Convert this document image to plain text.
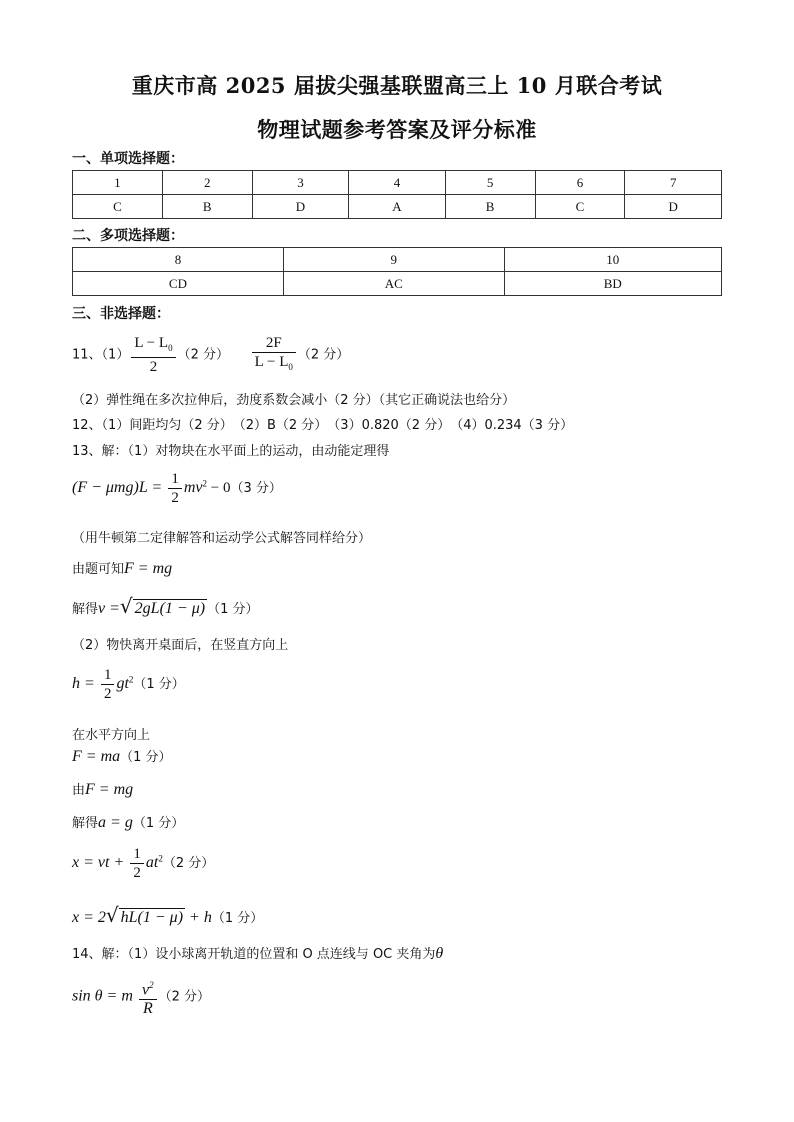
重庆市高 2025 届拔尖强基联盟高三上 10 月联合考试
物理试题参考答案及评分标准
一、单项选择题：
1	2	3	4	5	6	7
C	B	D	A	B	C	D
二、多项选择题：
8	9	10
CD	AC	BD
三、非选择题：
11、$(1) \frac{L - L_0}{2} (2$ 分） $\frac{2F}{L - L_0} (2$ 分）
（2）弹性绳在多次拉伸后，劲度系数会减小（2 分）（其它正确说法也给分）
12、（1）间距均匀（2 分）　（2）B（2 分）　（3）0.820（2 分）　（4）0.234（3 分）
13、解：（1）对物块在水平面上的运动，由动能定理得
$(F - \mu mg)L = \frac{1}{2} mv^2 - 0(3$ 分）
（用牛顿第二定律解答和运动学公式解答同样给分）
由题可知F = mg
解得v =√ 2gL(1 − μ) （1 分）
（2）物快离开桌面后，在竖直方向上
$h = \frac{1}{2} gt^2(1$ 分）
在水平方向上
F = ma（1 分）
由F = mg
解得a = g（1 分）
x = vt + $\frac{1}{2} at^2(2$ 分）
x = 2√ hL(1 − μ) + h（1 分）
14、解：（1）设小球离开轨道的位置和 O 点连线与 OC 夹角为θ
sin θ = m $\frac{v^2}{R} (2$ 分）
